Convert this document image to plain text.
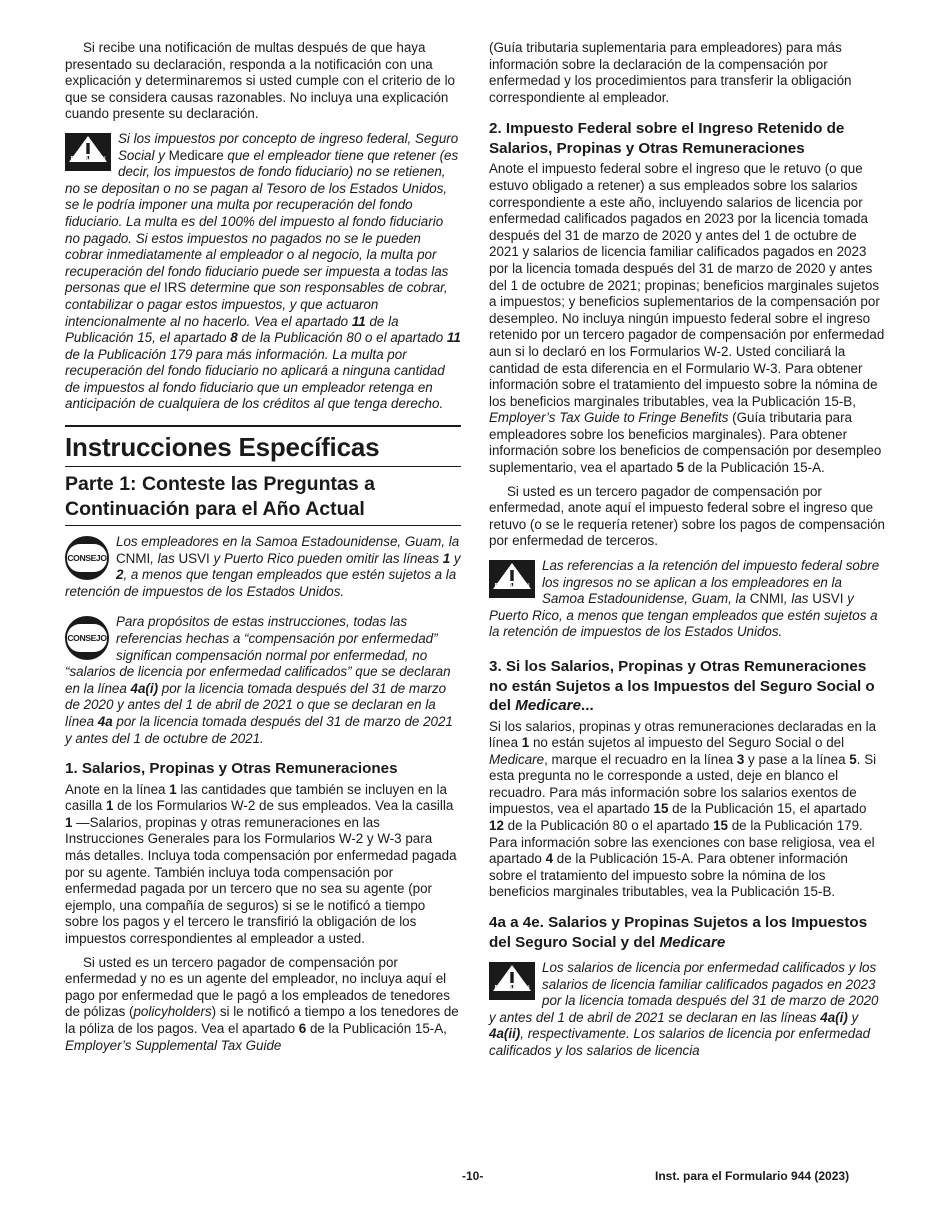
Si recibe una notificación de multas después de que haya presentado su declaración, responda a la notificación con una explicación y determinaremos si usted cumple con el criterio de lo que se considera causas razonables. No incluya una explicación cuando presente su declaración.

PRECAUCIÓN
Si los impuestos por concepto de ingreso federal, Seguro Social y Medicare que el empleador tiene que retener (es decir, los impuestos de fondo fiduciario) no se retienen, no se depositan o no se pagan al Tesoro de los Estados Unidos, se le podría imponer una multa por recuperación del fondo fiduciario. La multa es del 100% del impuesto al fondo fiduciario no pagado. Si estos impuestos no pagados no se le pueden cobrar inmediatamente al empleador o al negocio, la multa por recuperación del fondo fiduciario puede ser impuesta a todas las personas que el IRS determine que son responsables de cobrar, contabilizar o pagar estos impuestos, y que actuaron intencionalmente al no hacerlo. Vea el apartado 11 de la Publicación 15, el apartado 8 de la Publicación 80 o el apartado 11 de la Publicación 179 para más información. La multa por recuperación del fondo fiduciario no aplicará a ninguna cantidad de impuestos al fondo fiduciario que un empleador retenga en anticipación de cualquiera de los créditos al que tenga derecho.
Instrucciones Específicas
Parte 1: Conteste las Preguntas a Continuación para el Año Actual
CONSEJO
Los empleadores en la Samoa Estadounidense, Guam, la CNMI, las USVI y Puerto Rico pueden omitir las líneas 1 y 2, a menos que tengan empleados que estén sujetos a la retención de impuestos de los Estados Unidos.
CONSEJO
Para propósitos de estas instrucciones, todas las referencias hechas a “compensación por enfermedad” significan compensación normal por enfermedad, no “salarios de licencia por enfermedad calificados” que se declaran en la línea 4a(i) por la licencia tomada después del 31 de marzo de 2020 y antes del 1 de abril de 2021 o que se declaran en la línea 4a por la licencia tomada después del 31 de marzo de 2021 y antes del 1 de octubre de 2021.
1. Salarios, Propinas y Otras Remuneraciones

Anote en la línea 1 las cantidades que también se incluyen en la casilla 1 de los Formularios W-2 de sus empleados. Vea la casilla 1 —Salarios, propinas y otras remuneraciones en las Instrucciones Generales para los Formularios W-2 y W-3 para más detalles. Incluya toda compensación por enfermedad pagada por su agente. También incluya toda compensación por enfermedad pagada por un tercero que no sea su agente (por ejemplo, una compañía de seguros) si se le notificó a tiempo sobre los pagos y el tercero le transfirió la obligación de los impuestos correspondientes al empleador a usted.

Si usted es un tercero pagador de compensación por enfermedad y no es un agente del empleador, no incluya aquí el pago por enfermedad que le pagó a los empleados de tenedores de pólizas (policyholders) si le notificó a tiempo a los tenedores de la póliza de los pagos. Vea el apartado 6 de la Publicación 15-A, Employer’s Supplemental Tax Guide

(Guía tributaria suplementaria para empleadores) para más información sobre la declaración de la compensación por enfermedad y los procedimientos para transferir la obligación correspondiente al empleador.

2. Impuesto Federal sobre el Ingreso Retenido de Salarios, Propinas y Otras Remuneraciones

Anote el impuesto federal sobre el ingreso que le retuvo (o que estuvo obligado a retener) a sus empleados sobre los salarios correspondiente a este año, incluyendo salarios de licencia por enfermedad calificados pagados en 2023 por la licencia tomada después del 31 de marzo de 2020 y antes del 1 de octubre de 2021 y salarios de licencia familiar calificados pagados en 2023 por la licencia tomada después del 31 de marzo de 2020 y antes del 1 de octubre de 2021; propinas; beneficios marginales sujetos a impuestos; y beneficios suplementarios de la compensación por desempleo. No incluya ningún impuesto federal sobre el ingreso retenido por un tercero pagador de compensación por enfermedad aun si lo declaró en los Formularios W-2. Usted conciliará la cantidad de esta diferencia en el Formulario W-3. Para obtener información sobre el tratamiento del impuesto sobre la nómina de los beneficios marginales tributables, vea la Publicación 15-B, Employer’s Tax Guide to Fringe Benefits (Guía tributaria para empleadores sobre los beneficios marginales). Para obtener información sobre los beneficios de compensación por desempleo suplementario, vea el apartado 5 de la Publicación 15-A.

Si usted es un tercero pagador de compensación por enfermedad, anote aquí el impuesto federal sobre el ingreso que retuvo (o se le requería retener) sobre los pagos de compensación por enfermedad de terceros.

PRECAUCIÓN
Las referencias a la retención del impuesto federal sobre los ingresos no se aplican a los empleadores en la Samoa Estadounidense, Guam, la CNMI, las USVI y Puerto Rico, a menos que tengan empleados que estén sujetos a la retención de impuestos de los Estados Unidos.
3. Si los Salarios, Propinas y Otras Remuneraciones no están Sujetos a los Impuestos del Seguro Social o del Medicare...

Si los salarios, propinas y otras remuneraciones declaradas en la línea 1 no están sujetos al impuesto del Seguro Social o del Medicare, marque el recuadro en la línea 3 y pase a la línea 5. Si esta pregunta no le corresponde a usted, deje en blanco el recuadro. Para más información sobre los salarios exentos de impuestos, vea el apartado 15 de la Publicación 15, el apartado 12 de la Publicación 80 o el apartado 15 de la Publicación 179. Para información sobre las exenciones con base religiosa, vea el apartado 4 de la Publicación 15-A. Para obtener información sobre el tratamiento del impuesto sobre la nómina de los beneficios marginales tributables, vea la Publicación 15-B.

4a a 4e. Salarios y Propinas Sujetos a los Impuestos del Seguro Social y del Medicare
PRECAUCIÓN
Los salarios de licencia por enfermedad calificados y los salarios de licencia familiar calificados pagados en 2023 por la licencia tomada después del 31 de marzo de 2020 y antes del 1 de abril de 2021 se declaran en las líneas 4a(i) y 4a(ii), respectivamente. Los salarios de licencia por enfermedad calificados y los salarios de licencia
-10-	Inst. para el Formulario 944 (2023)
